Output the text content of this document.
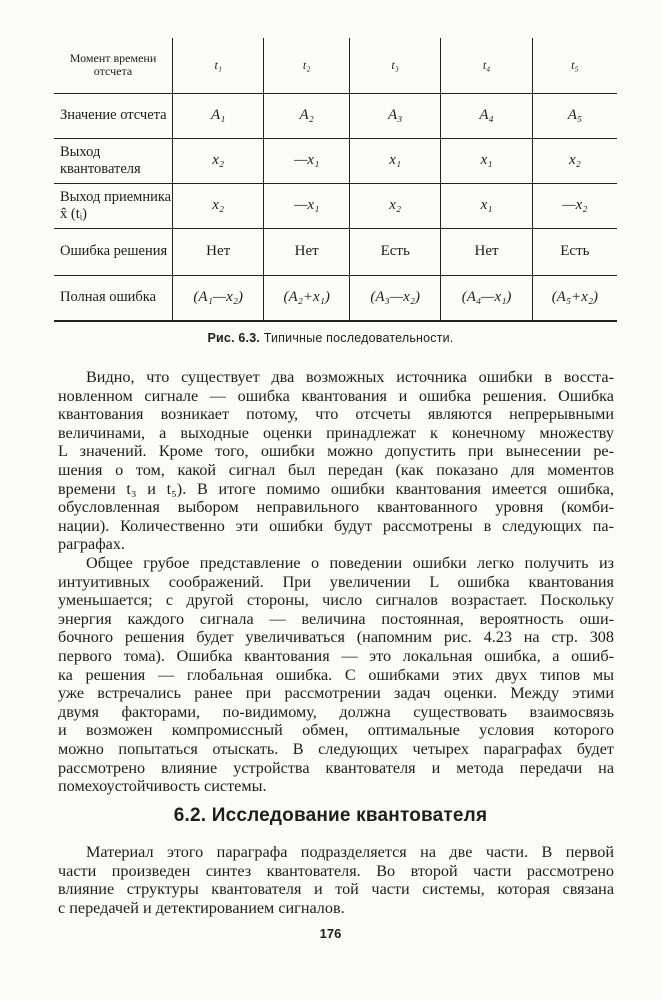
Момент времени отсчета	t₁	t₂	t₃	t₄	t₅
Значение отсчета	A₁	A₂	A₃	A₄	A₅
Выход квантователя	x₂	—x₁	x₁	x₁	x₂
Выход приемника x̂ (tᵢ)	x₂	—x₁	x₂	x₁	—x₂
Ошибка решения	Нет	Нет	Есть	Нет	Есть
Полная ошибка	(A₁—x₂)	(A₂+x₁)	(A₃—x₂)	(A₄—x₁)	(A₅+x₂)
Рис. 6.3. Типичные последовательности.
Видно, что существует два возможных источника ошибки в восста-
новленном сигнале — ошибка квантования и ошибка решения. Ошибка
квантования возникает потому, что отсчеты являются непрерывными
величинами, а выходные оценки принадлежат к конечному множеству
L значений. Кроме того, ошибки можно допустить при вынесении ре-
шения о том, какой сигнал был передан (как показано для моментов
времени t₃ и t₅). В итоге помимо ошибки квантования имеется ошибка,
обусловленная выбором неправильного квантованного уровня (комби-
нации). Количественно эти ошибки будут рассмотрены в следующих па-
раграфах.
Общее грубое представление о поведении ошибки легко получить из
интуитивных соображений. При увеличении L ошибка квантования
уменьшается; с другой стороны, число сигналов возрастает. Поскольку
энергия каждого сигнала — величина постоянная, вероятность оши-
бочного решения будет увеличиваться (напомним рис. 4.23 на стр. 308
первого тома). Ошибка квантования — это локальная ошибка, а ошиб-
ка решения — глобальная ошибка. С ошибками этих двух типов мы
уже встречались ранее при рассмотрении задач оценки. Между этими
двумя факторами, по-видимому, должна существовать взаимосвязь
и возможен компромиссный обмен, оптимальные условия которого
можно попытаться отыскать. В следующих четырех параграфах будет
рассмотрено влияние устройства квантователя и метода передачи на
помехоустойчивость системы.
6.2. Исследование квантователя
Материал этого параграфа подразделяется на две части. В первой
части произведен синтез квантователя. Во второй части рассмотрено
влияние структуры квантователя и той части системы, которая связана
с передачей и детектированием сигналов.
176
